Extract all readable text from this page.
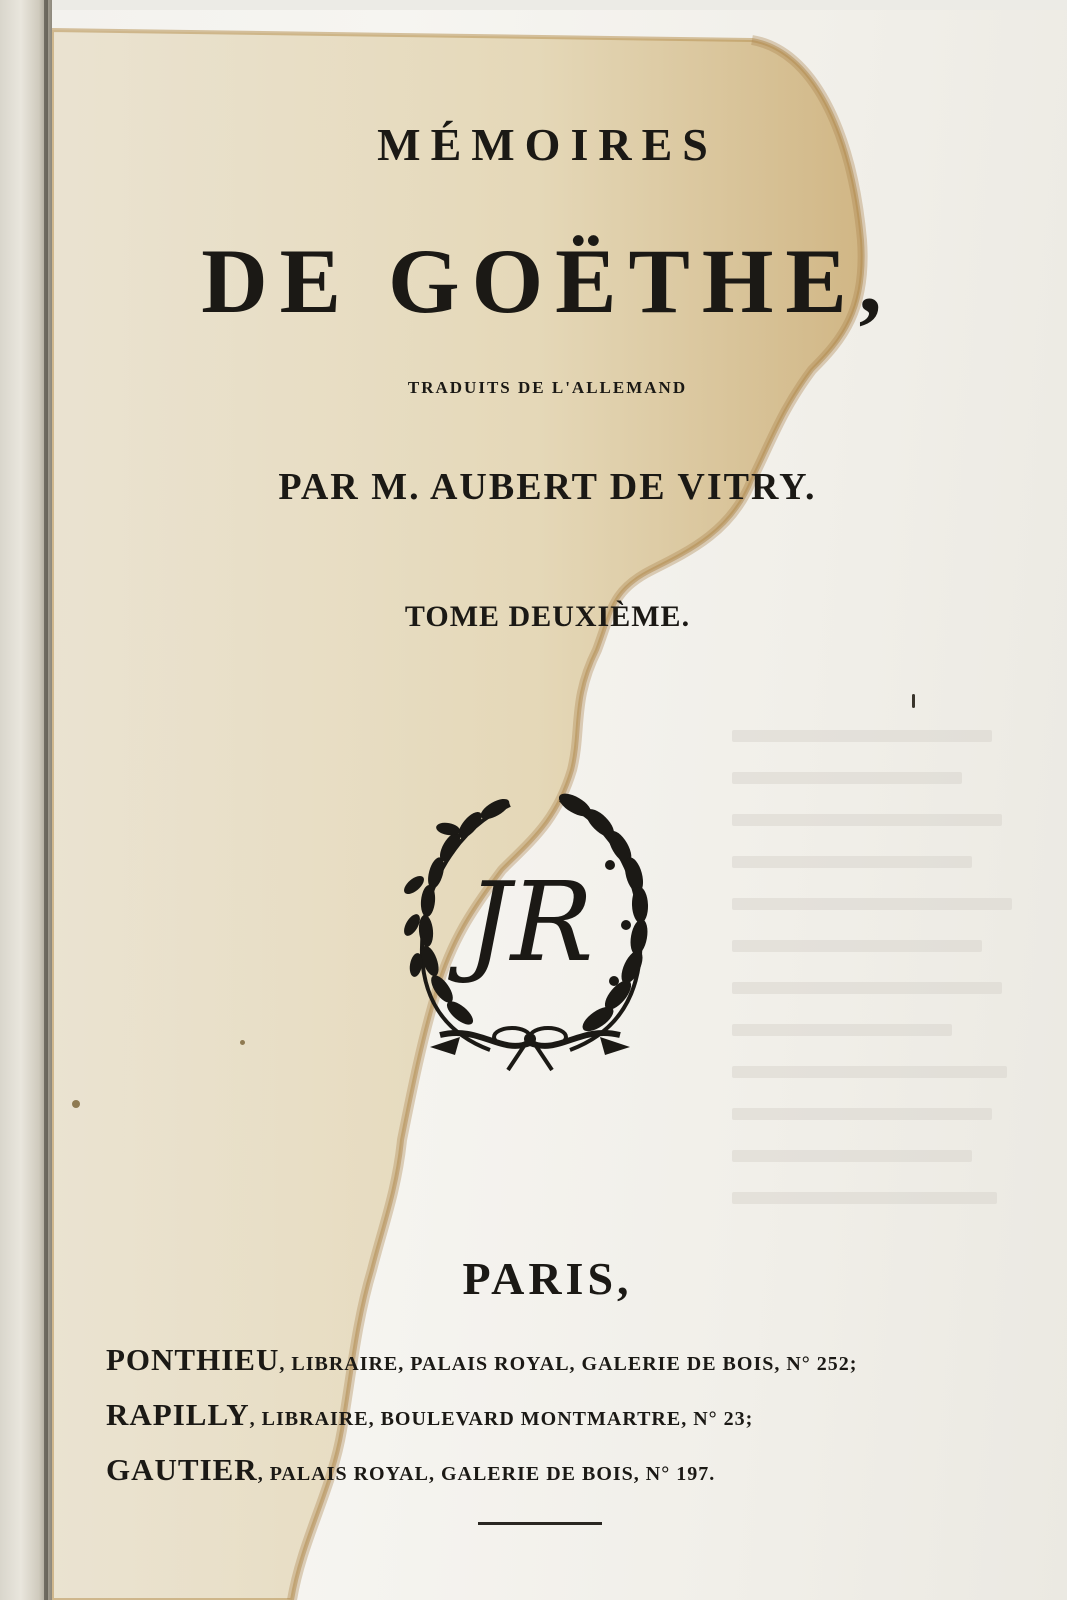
MÉMOIRES
DE GOËTHE,
TRADUITS DE L'ALLEMAND
PAR M. AUBERT DE VITRY.
TOME DEUXIÈME.
JR
PARIS,
PONTHIEU, LIBRAIRE, PALAIS ROYAL, GALERIE DE BOIS, N° 252;
RAPILLY, LIBRAIRE, BOULEVARD MONTMARTRE, N° 23;
GAUTIER, PALAIS ROYAL, GALERIE DE BOIS, N° 197.
